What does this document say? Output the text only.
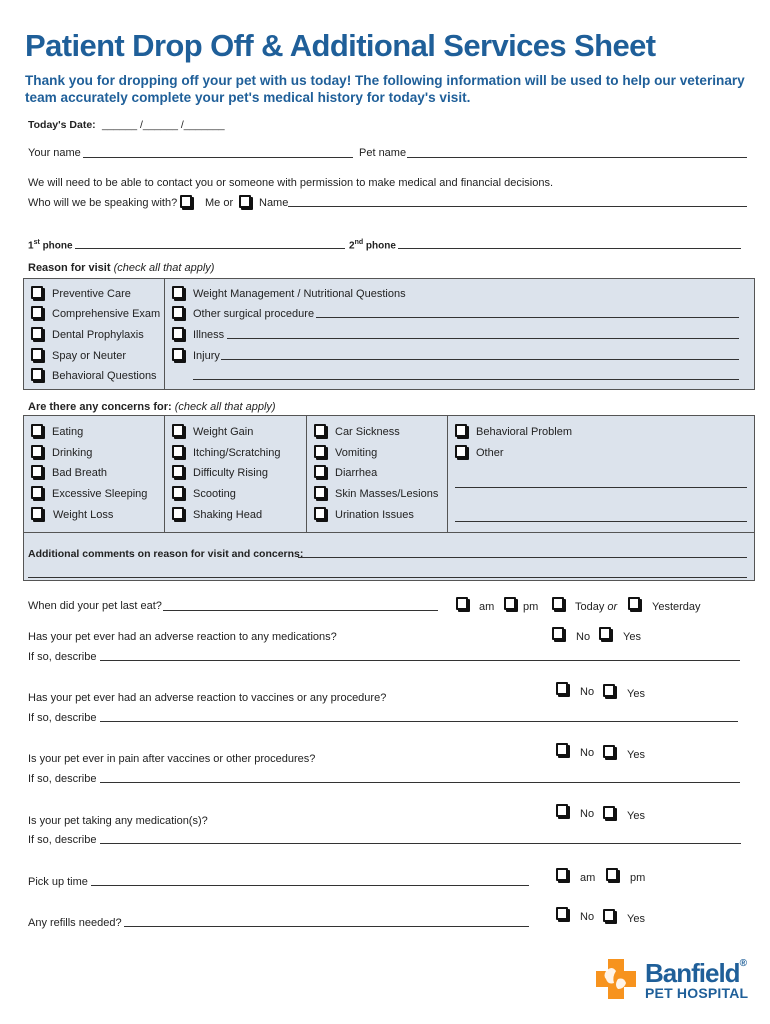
Patient Drop Off & Additional Services Sheet
Thank you for dropping off your pet with us today! The following information will be used to help our veterinary team accurately complete your pet's medical history for today's visit.
Today's Date: ______ /______ /_______
Your name	Pet name
We will need to be able to contact you or someone with permission to make medical and financial decisions.
Who will we be speaking with?	Me or Name
1st phone	2nd phone
Reason for visit (check all that apply)
Preventive Care
Comprehensive Exam
Dental Prophylaxis
Spay or Neuter
Behavioral Questions
Weight Management / Nutritional Questions
Other surgical procedure
Illness
Injury
Are there any concerns for: (check all that apply)
Eating
Drinking
Bad Breath
Excessive Sleeping
Weight Loss
Weight Gain
Itching/Scratching
Difficulty Rising
Scooting
Shaking Head
Car Sickness
Vomiting
Diarrhea
Skin Masses/Lesions
Urination Issues
Behavioral Problem
Other
Additional comments on reason for visit and concerns:
When did your pet last eat?	am	pm	Today or	Yesterday
Has your pet ever had an adverse reaction to any medications?	No	Yes
If so, describe
Has your pet ever had an adverse reaction to vaccines or any procedure?	No	Yes
If so, describe
Is your pet ever in pain after vaccines or other procedures?	No	Yes
If so, describe
Is your pet taking any medication(s)?
No	Yes
If so, describe
Pick up time	am	pm
Any refills needed?	No	Yes
Banfield®
PET HOSPITAL
